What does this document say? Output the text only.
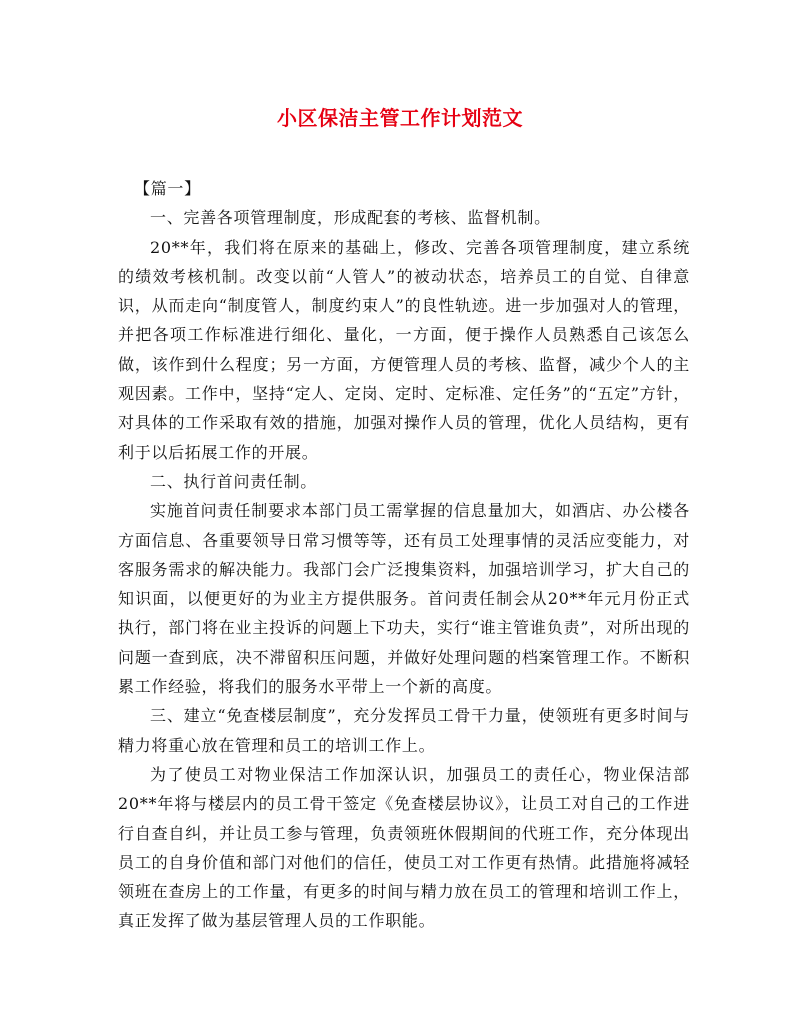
小区保洁主管工作计划范文

【篇一】

一、完善各项管理制度，形成配套的考核、监督机制。

20**年，我们将在原来的基础上，修改、完善各项管理制度，建立系统的绩效考核机制。改变以前“人管人”的被动状态，培养员工的自觉、自律意识，从而走向“制度管人，制度约束人”的良性轨迹。进一步加强对人的管理，并把各项工作标准进行细化、量化，一方面，便于操作人员熟悉自己该怎么做，该作到什么程度；另一方面，方便管理人员的考核、监督，减少个人的主观因素。工作中，坚持“定人、定岗、定时、定标准、定任务”的“五定”方针，对具体的工作采取有效的措施，加强对操作人员的管理，优化人员结构，更有利于以后拓展工作的开展。

二、执行首问责任制。

实施首问责任制要求本部门员工需掌握的信息量加大，如酒店、办公楼各方面信息、各重要领导日常习惯等等，还有员工处理事情的灵活应变能力，对客服务需求的解决能力。我部门会广泛搜集资料，加强培训学习，扩大自己的知识面，以便更好的为业主方提供服务。首问责任制会从20**年元月份正式执行，部门将在业主投诉的问题上下功夫，实行“谁主管谁负责”，对所出现的问题一查到底，决不滞留积压问题，并做好处理问题的档案管理工作。不断积累工作经验，将我们的服务水平带上一个新的高度。

三、建立“免查楼层制度”，充分发挥员工骨干力量，使领班有更多时间与精力将重心放在管理和员工的培训工作上。

为了使员工对物业保洁工作加深认识，加强员工的责任心，物业保洁部20**年将与楼层内的员工骨干签定《免查楼层协议》，让员工对自己的工作进行自查自纠，并让员工参与管理，负责领班休假期间的代班工作，充分体现出员工的自身价值和部门对他们的信任，使员工对工作更有热情。此措施将减轻领班在查房上的工作量，有更多的时间与精力放在员工的管理和培训工作上，真正发挥了做为基层管理人员的工作职能。
